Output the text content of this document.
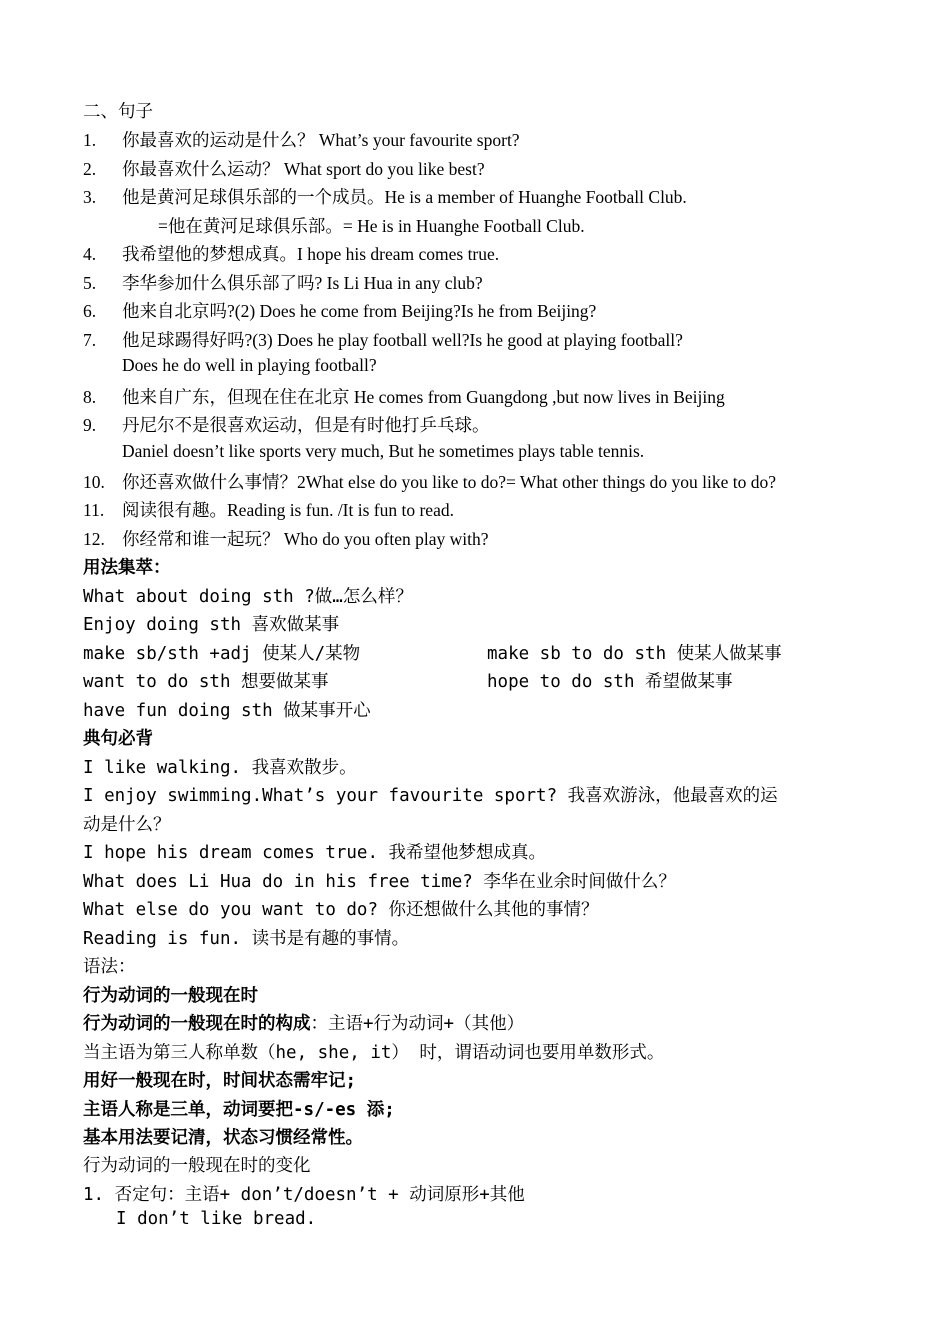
二、句子
1. 你最喜欢的运动是什么？ What’s your favourite sport?
2. 你最喜欢什么运动？ What sport do you like best?
3. 他是黄河足球俱乐部的一个成员。He is a member of Huanghe Football Club.
=他在黄河足球俱乐部。= He is in Huanghe Football Club.
4. 我希望他的梦想成真。I hope his dream comes true.
5. 李华参加什么俱乐部了吗? Is Li Hua in any club?
6. 他来自北京吗?(2) Does he come from Beijing?Is he from Beijing?
7. 他足球踢得好吗?(3) Does he play football well?Is he good at playing football?
Does he do well in playing football?
8. 他来自广东，但现在住在北京 He comes from Guangdong ,but now lives in Beijing
9. 丹尼尔不是很喜欢运动，但是有时他打乒乓球。
Daniel doesn’t like sports very much, But he sometimes plays table tennis.
10. 你还喜欢做什么事情？2What else do you like to do?= What other things do you like to do?
11. 阅读很有趣。Reading is fun. /It is fun to read.
12. 你经常和谁一起玩？ Who do you often play with?
用法集萃：
What about doing sth ?做…怎么样？
Enjoy doing sth 喜欢做某事
make sb/sth +adj 使某人/某物	make sb to do sth 使某人做某事
want to do sth 想要做某事	hope to do sth 希望做某事
have fun doing sth 做某事开心
典句必背
I like walking. 我喜欢散步。
I enjoy swimming.What’s your favourite sport? 我喜欢游泳，他最喜欢的运
动是什么？
I hope his dream comes true. 我希望他梦想成真。
What does Li Hua do in his free time? 李华在业余时间做什么？
What else do you want to do? 你还想做什么其他的事情？
Reading is fun. 读书是有趣的事情。
语法：
行为动词的一般现在时
行为动词的一般现在时的构成：主语+行为动词+（其他）
当主语为第三人称单数（he, she, it） 时，谓语动词也要用单数形式。
用好一般现在时，时间状态需牢记;
主语人称是三单，动词要把-s/-es 添;
基本用法要记清，状态习惯经常性。
行为动词的一般现在时的变化
1. 否定句：主语+ don’t/doesn’t + 动词原形+其他
I don’t like bread.
